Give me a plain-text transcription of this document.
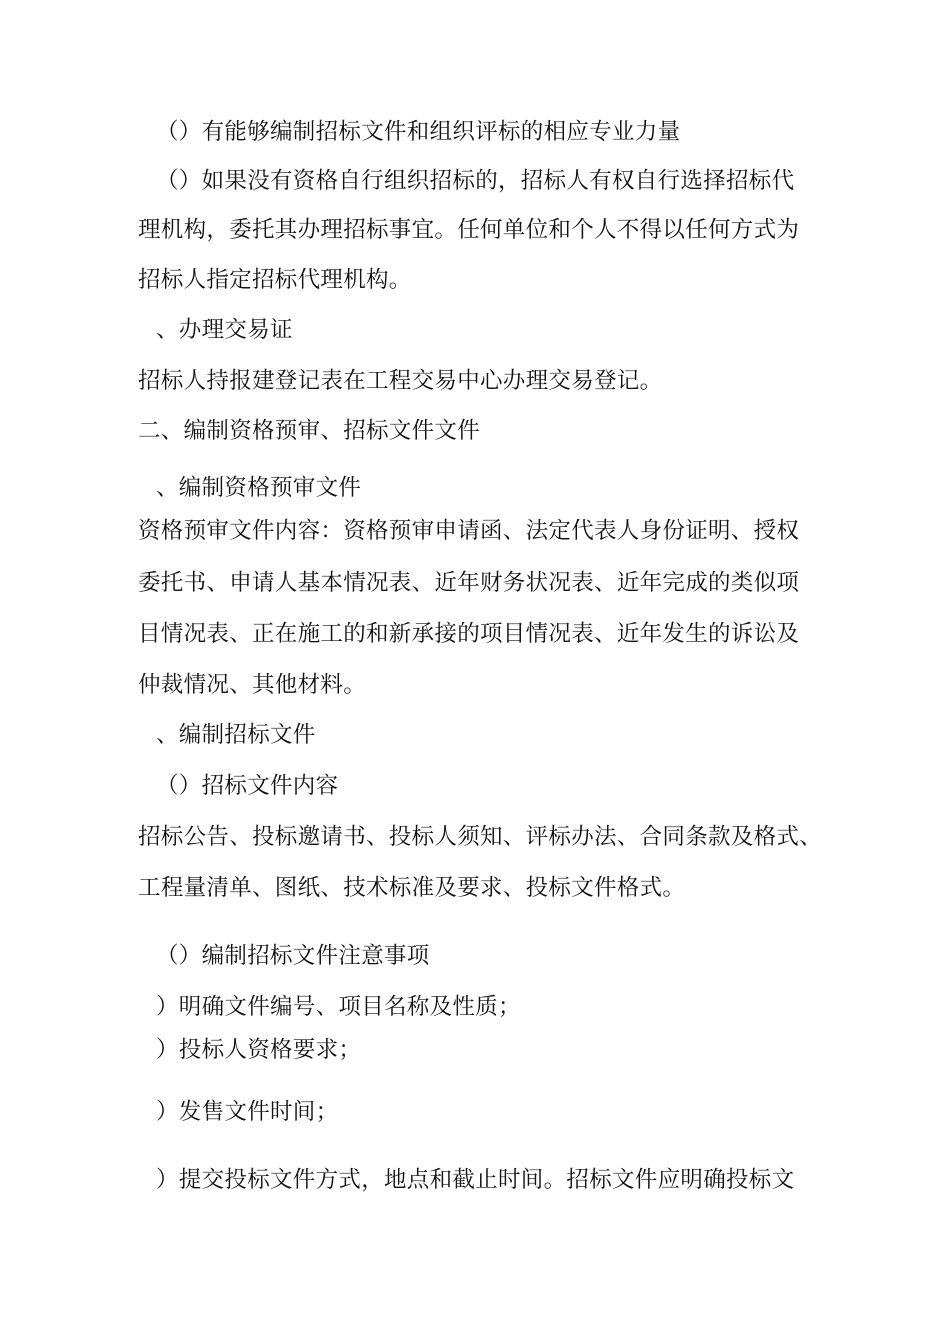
（）有能够编制招标文件和组织评标的相应专业力量
（）如果没有资格自行组织招标的，招标人有权自行选择招标代
理机构，委托其办理招标事宜。任何单位和个人不得以任何方式为
招标人指定招标代理机构。
、办理交易证
招标人持报建登记表在工程交易中心办理交易登记。
二、编制资格预审、招标文件文件
、编制资格预审文件
资格预审文件内容：资格预审申请函、法定代表人身份证明、授权
委托书、申请人基本情况表、近年财务状况表、近年完成的类似项
目情况表、正在施工的和新承接的项目情况表、近年发生的诉讼及
仲裁情况、其他材料。
、编制招标文件
（）招标文件内容
招标公告、投标邀请书、投标人须知、评标办法、合同条款及格式、
工程量清单、图纸、技术标准及要求、投标文件格式。
（）编制招标文件注意事项
）明确文件编号、项目名称及性质；
）投标人资格要求；
）发售文件时间；
）提交投标文件方式，地点和截止时间。招标文件应明确投标文
